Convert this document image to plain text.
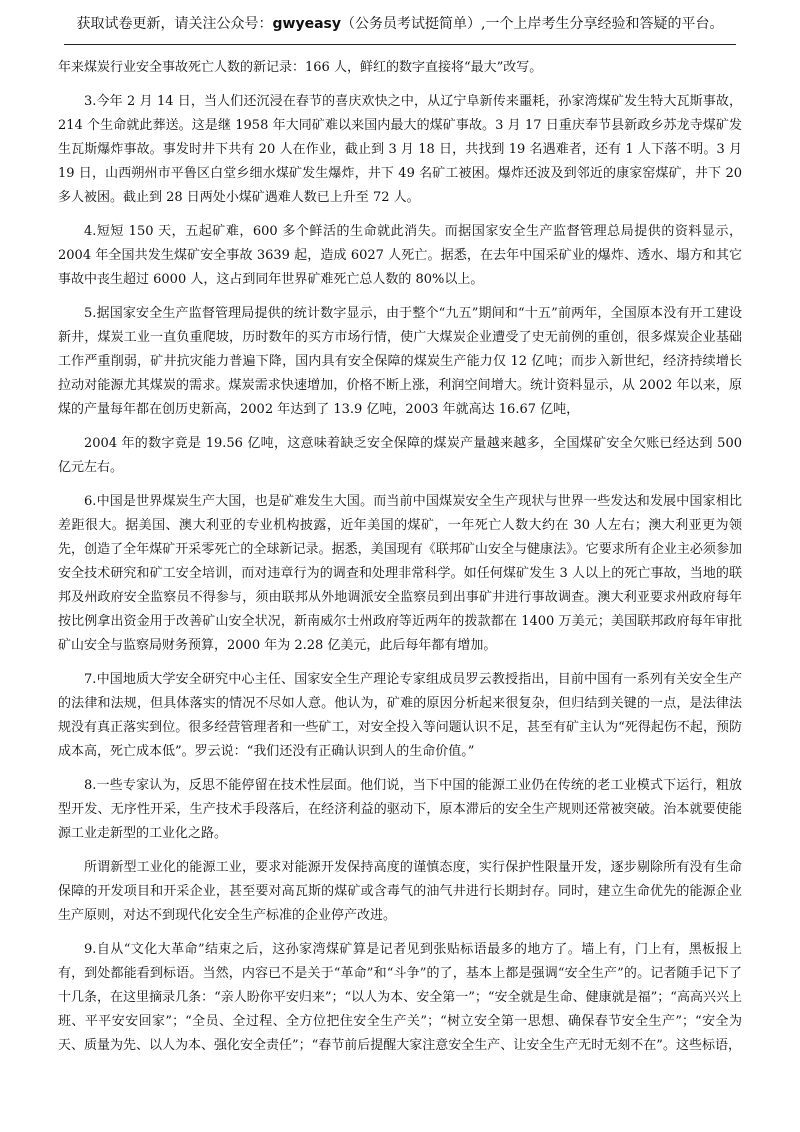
获取试卷更新，请关注公众号：gwyeasy（公务员考试挺简单）,一个上岸考生分享经验和答疑的平台。

年来煤炭行业安全事故死亡人数的新记录：166 人，鲜红的数字直接将“最大”改写。

3.今年 2 月 14 日，当人们还沉浸在春节的喜庆欢快之中，从辽宁阜新传来噩耗，孙家湾煤矿发生特大瓦斯事故，214 个生命就此葬送。这是继 1958 年大同矿难以来国内最大的煤矿事故。3 月 17 日重庆奉节县新政乡苏龙寺煤矿发生瓦斯爆炸事故。事发时井下共有 20 人在作业，截止到 3 月 18 日，共找到 19 名遇难者，还有 1 人下落不明。3 月 19 日，山西朔州市平鲁区白堂乡细水煤矿发生爆炸，井下 49 名矿工被困。爆炸还波及到邻近的康家窑煤矿，井下 20 多人被困。截止到 28 日两处小煤矿遇难人数已上升至 72 人。

4.短短 150 天，五起矿难，600 多个鲜活的生命就此消失。而据国家安全生产监督管理总局提供的资料显示，2004 年全国共发生煤矿安全事故 3639 起，造成 6027 人死亡。据悉，在去年中国采矿业的爆炸、透水、塌方和其它事故中丧生超过 6000 人，这占到同年世界矿难死亡总人数的 80%以上。

5.据国家安全生产监督管理局提供的统计数字显示，由于整个“九五”期间和“十五”前两年，全国原本没有开工建设新井，煤炭工业一直负重爬坡，历时数年的买方市场行情，使广大煤炭企业遭受了史无前例的重创，很多煤炭企业基础工作严重削弱，矿井抗灾能力普遍下降，国内具有安全保障的煤炭生产能力仅 12 亿吨；而步入新世纪，经济持续增长拉动对能源尤其煤炭的需求。煤炭需求快速增加，价格不断上涨，利润空间增大。统计资料显示，从 2002 年以来，原煤的产量每年都在创历史新高，2002 年达到了 13.9 亿吨，2003 年就高达 16.67 亿吨，

2004 年的数字竟是 19.56 亿吨，这意味着缺乏安全保障的煤炭产量越来越多，全国煤矿安全欠账已经达到 500 亿元左右。

6.中国是世界煤炭生产大国，也是矿难发生大国。而当前中国煤炭安全生产现状与世界一些发达和发展中国家相比差距很大。据美国、澳大利亚的专业机构披露，近年美国的煤矿，一年死亡人数大约在 30 人左右；澳大利亚更为领先，创造了全年煤矿开采零死亡的全球新记录。据悉，美国现有《联邦矿山安全与健康法》。它要求所有企业主必须参加安全技术研究和矿工安全培训，而对违章行为的调查和处理非常科学。如任何煤矿发生 3 人以上的死亡事故，当地的联邦及州政府安全监察员不得参与，须由联邦从外地调派安全监察员到出事矿井进行事故调查。澳大利亚要求州政府每年按比例拿出资金用于改善矿山安全状况，新南威尔士州政府等近两年的拨款都在 1400 万美元；美国联邦政府每年审批矿山安全与监察局财务预算，2000 年为 2.28 亿美元，此后每年都有增加。

7.中国地质大学安全研究中心主任、国家安全生产理论专家组成员罗云教授指出，目前中国有一系列有关安全生产的法律和法规，但具体落实的情况不尽如人意。他认为，矿难的原因分析起来很复杂，但归结到关键的一点，是法律法规没有真正落实到位。很多经营管理者和一些矿工，对安全投入等问题认识不足，甚至有矿主认为“死得起伤不起，预防成本高，死亡成本低”。罗云说：“我们还没有正确认识到人的生命价值。”

8.一些专家认为，反思不能停留在技术性层面。他们说，当下中国的能源工业仍在传统的老工业模式下运行，粗放型开发、无序性开采，生产技术手段落后，在经济利益的驱动下，原本滞后的安全生产规则还常被突破。治本就要使能源工业走新型的工业化之路。

所谓新型工业化的能源工业，要求对能源开发保持高度的谨慎态度，实行保护性限量开发，逐步剔除所有没有生命保障的开发项目和开采企业，甚至要对高瓦斯的煤矿或含毒气的油气井进行长期封存。同时，建立生命优先的能源企业生产原则，对达不到现代化安全生产标准的企业停产改进。

9.自从“文化大革命”结束之后，这孙家湾煤矿算是记者见到张贴标语最多的地方了。墙上有，门上有，黑板报上有，到处都能看到标语。当然，内容已不是关于“革命”和“斗争”的了，基本上都是强调“安全生产”的。记者随手记下了十几条，在这里摘录几条：“亲人盼你平安归来”；“以人为本、安全第一”；“安全就是生命、健康就是福”；“高高兴兴上班、平平安安回家”；“全员、全过程、全方位把住安全生产关”；“树立安全第一思想、确保春节安全生产”；“安全为天、质量为先、以人为本、强化安全责任”；“春节前后提醒大家注意安全生产、让安全生产无时无刻不在”。这些标语，
